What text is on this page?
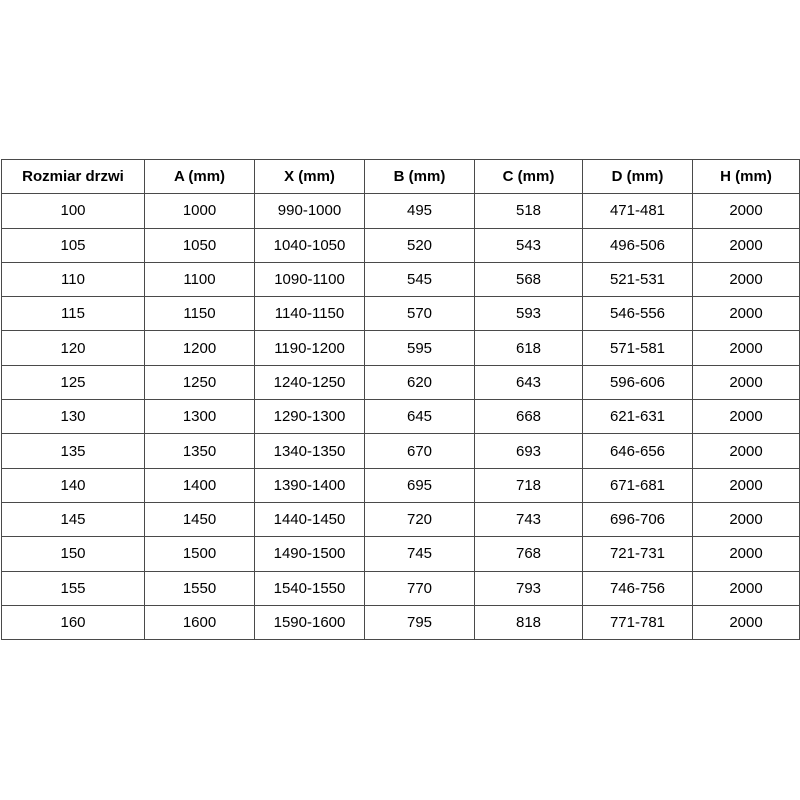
Rozmiar drzwi	A (mm)	X (mm)	B (mm)	C (mm)	D (mm)	H (mm)
100	1000	990-1000	495	518	471-481	2000
105	1050	1040-1050	520	543	496-506	2000
110	1100	1090-1100	545	568	521-531	2000
115	1150	1140-1150	570	593	546-556	2000
120	1200	1190-1200	595	618	571-581	2000
125	1250	1240-1250	620	643	596-606	2000
130	1300	1290-1300	645	668	621-631	2000
135	1350	1340-1350	670	693	646-656	2000
140	1400	1390-1400	695	718	671-681	2000
145	1450	1440-1450	720	743	696-706	2000
150	1500	1490-1500	745	768	721-731	2000
155	1550	1540-1550	770	793	746-756	2000
160	1600	1590-1600	795	818	771-781	2000
